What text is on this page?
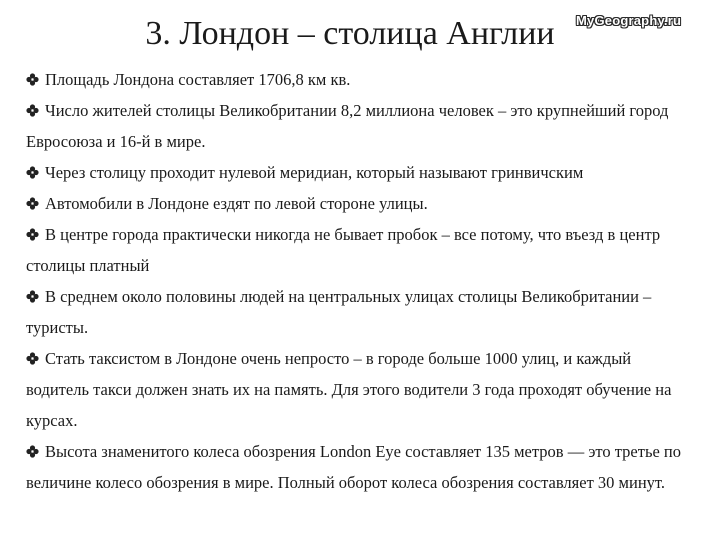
3. Лондон – столица Англии	MyGeography.ru
Площадь Лондона составляет 1706,8 км кв.
Число жителей столицы Великобритании 8,2 миллиона человек – это крупнейший город Евросоюза и 16-й в мире.
Через столицу проходит нулевой меридиан, который называют гринвичским
Автомобили в Лондоне ездят по левой стороне улицы.
В центре города практически никогда не бывает пробок – все потому, что въезд в центр столицы платный
В среднем около половины людей на центральных улицах столицы Великобритании – туристы.
Стать таксистом в Лондоне очень непросто – в городе больше 1000 улиц, и каждый водитель такси должен знать их на память. Для этого водители 3 года проходят обучение на курсах.
Высота знаменитого колеса обозрения London Eye составляет 135 метров — это третье по величине колесо обозрения в мире. Полный оборот колеса обозрения составляет 30 минут.
